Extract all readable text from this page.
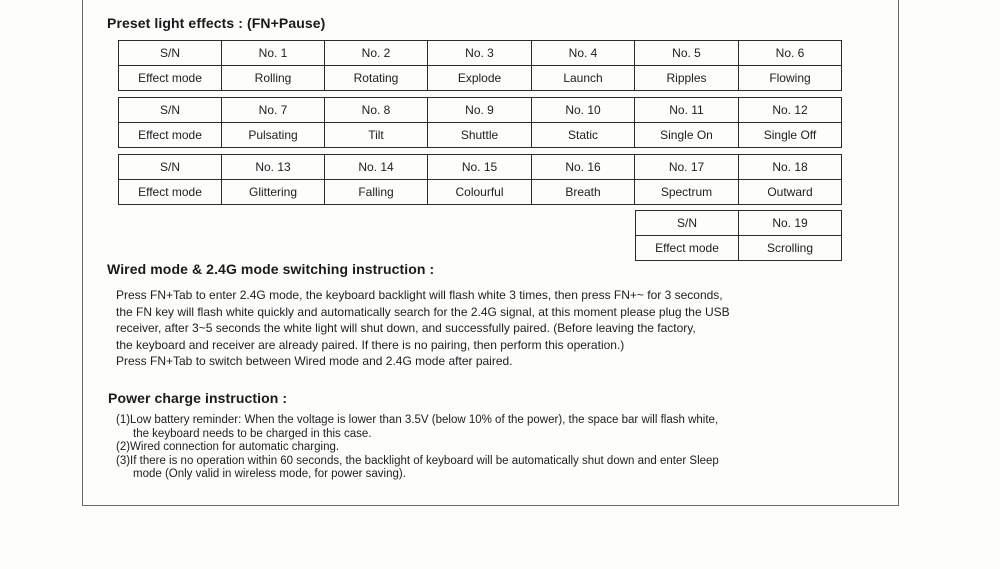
Preset light effects : (FN+Pause)
S/N	No. 1	No. 2	No. 3	No. 4	No. 5	No. 6
Effect mode	Rolling	Rotating	Explode	Launch	Ripples	Flowing
S/N	No. 7	No. 8	No. 9	No. 10	No. 11	No. 12
Effect mode	Pulsating	Tilt	Shuttle	Static	Single On	Single Off
S/N	No. 13	No. 14	No. 15	No. 16	No. 17	No. 18
Effect mode	Glittering	Falling	Colourful	Breath	Spectrum	Outward
S/N	No. 19
Effect mode	Scrolling
Wired mode & 2.4G mode switching instruction :
Press FN+Tab to enter 2.4G mode, the keyboard backlight will flash white 3 times, then press FN+~ for 3 seconds,
the FN key will flash white quickly and automatically search for the 2.4G signal, at this moment please plug the USB
receiver, after 3~5 seconds the white light will shut down, and successfully paired. (Before leaving the factory,
the keyboard and receiver are already paired. If there is no pairing, then perform this operation.)
Press FN+Tab to switch between Wired mode and 2.4G mode after paired.
Power charge instruction :
(1)Low battery reminder: When the voltage is lower than 3.5V (below 10% of the power), the space bar will flash white,
the keyboard needs to be charged in this case.
(2)Wired connection for automatic charging.
(3)If there is no operation within 60 seconds, the backlight of keyboard will be automatically shut down and enter Sleep
mode (Only valid in wireless mode, for power saving).
